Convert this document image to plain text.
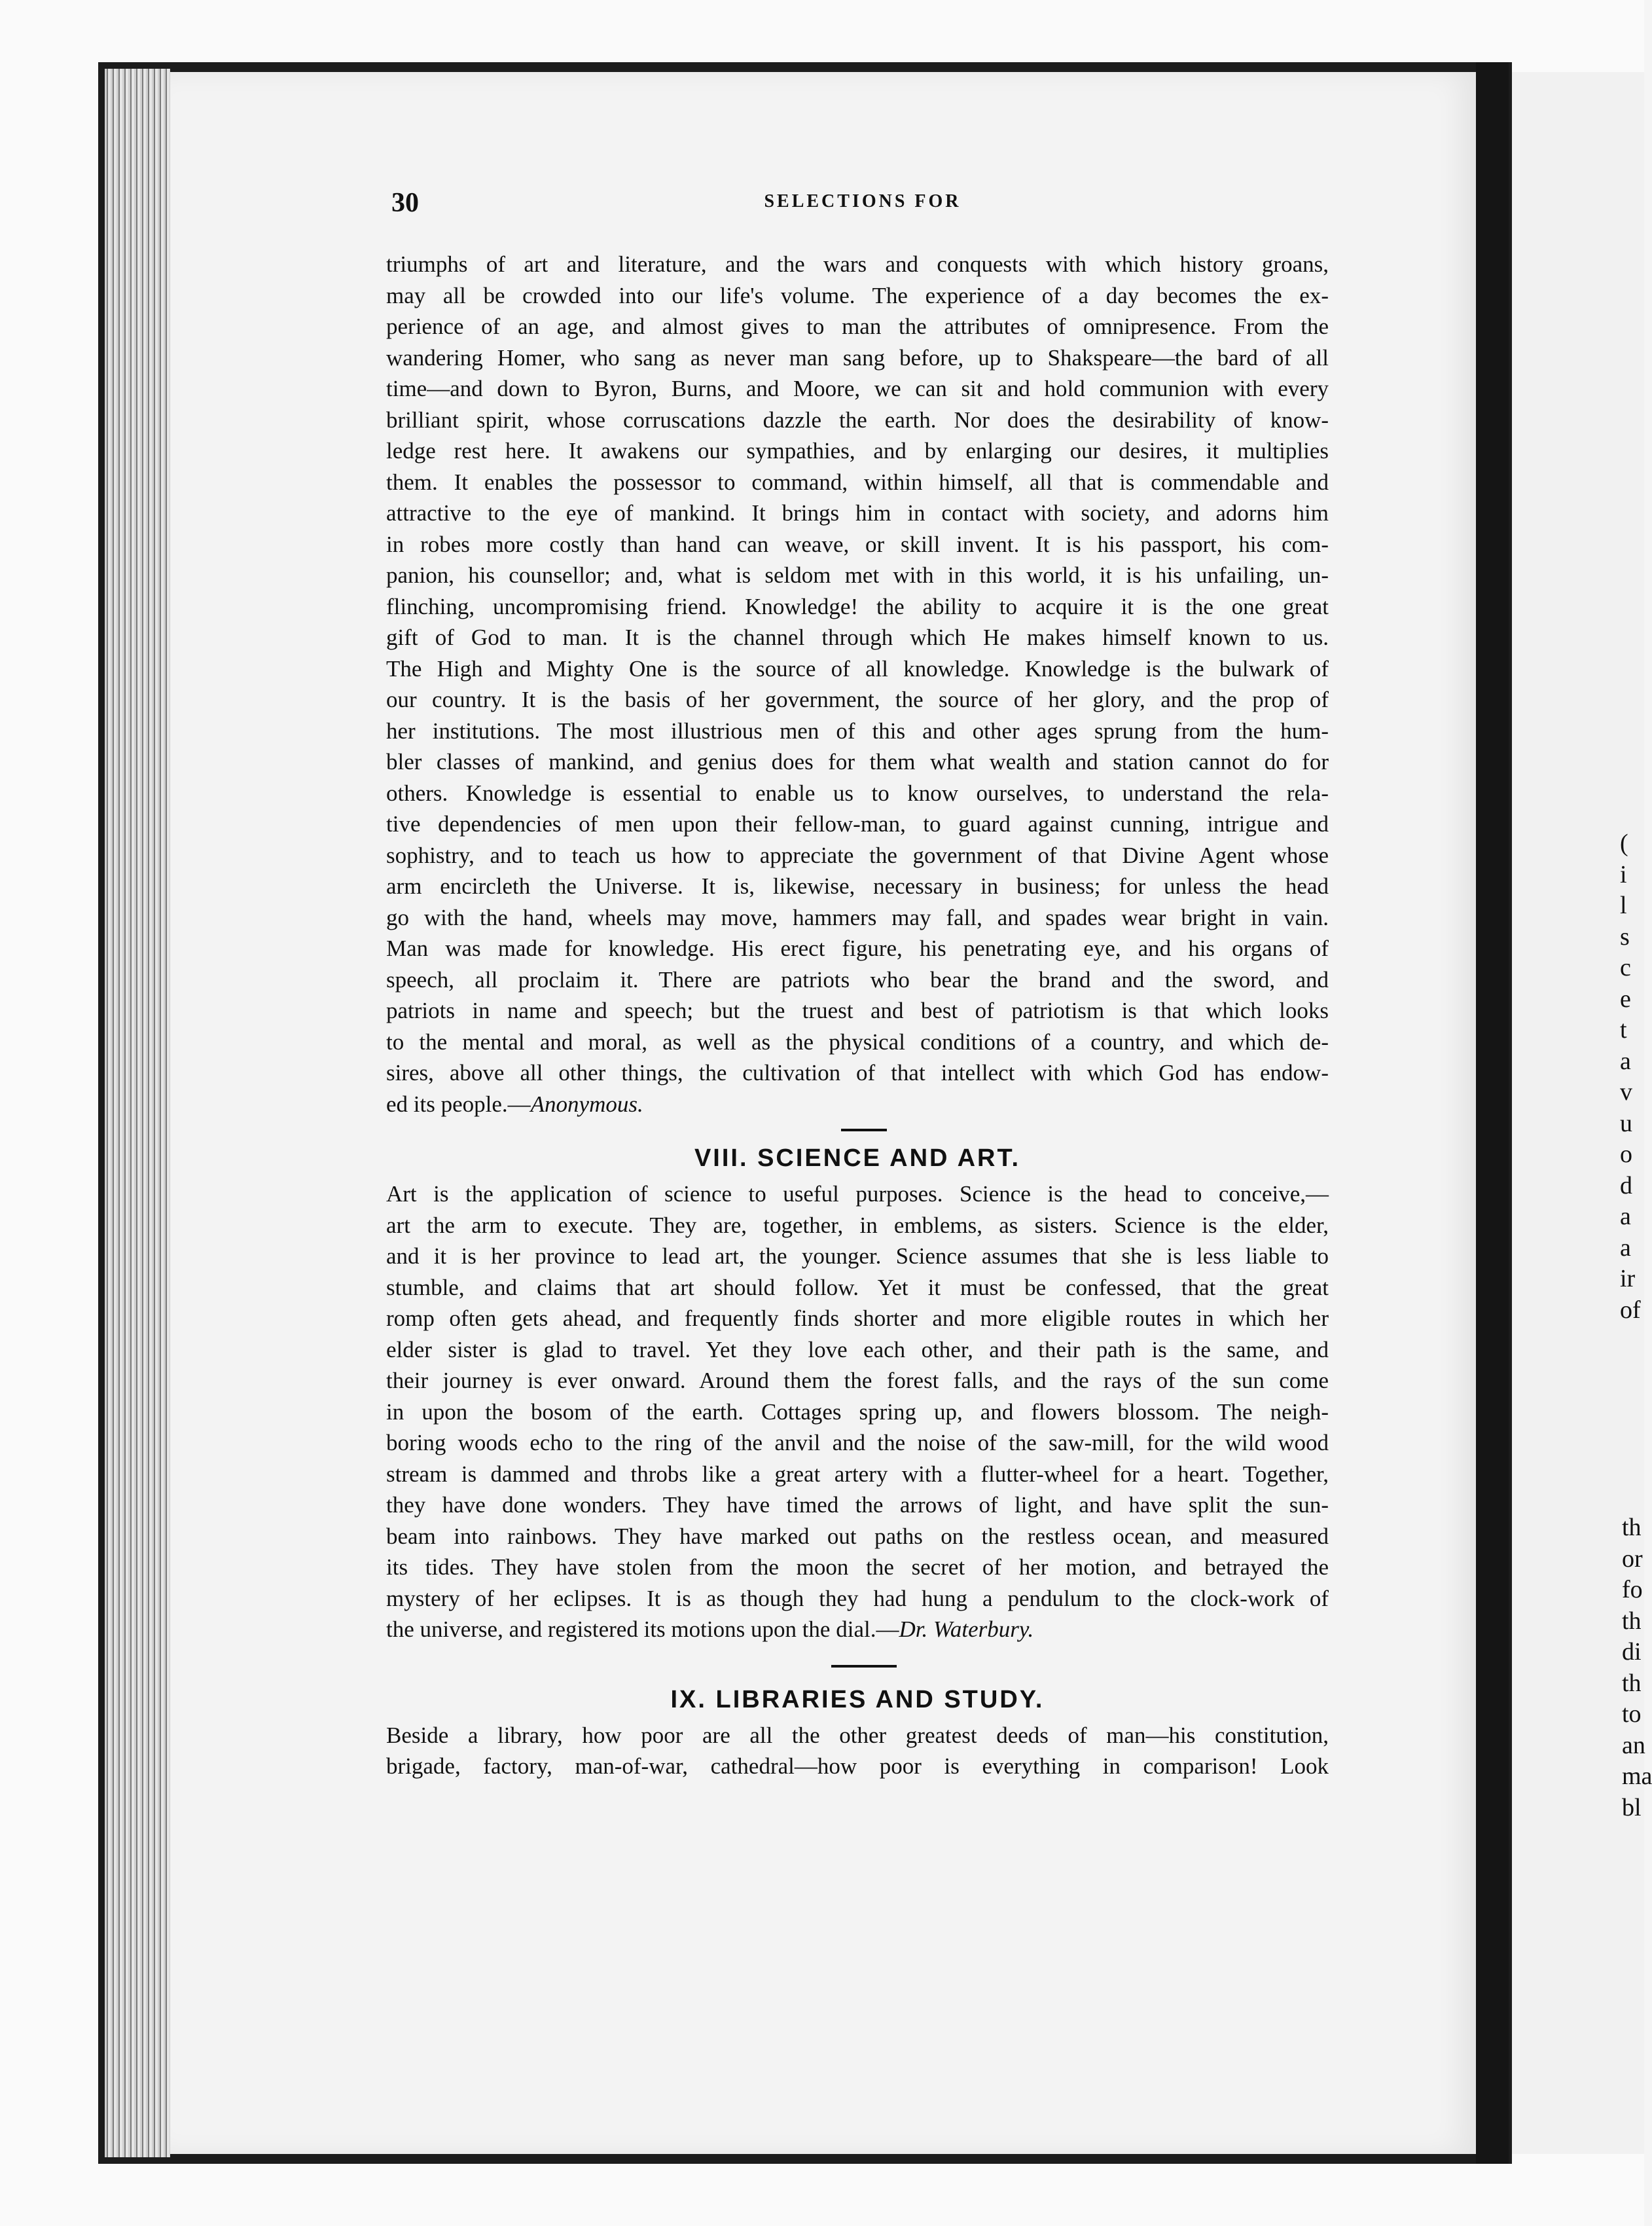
(
i
l
s
c
e
t
a
v
u
o
d
a
a
ir
of
th
or
fo
th
di
th
to
an
ma
bl
30	SELECTIONS FOR
triumphs of art and literature, and the wars and conquests with which history groans,
may all be crowded into our life's volume. The experience of a day becomes the ex-
perience of an age, and almost gives to man the attributes of omnipresence. From the
wandering Homer, who sang as never man sang before, up to Shakspeare—the bard of all
time—and down to Byron, Burns, and Moore, we can sit and hold communion with every
brilliant spirit, whose corruscations dazzle the earth. Nor does the desirability of know-
ledge rest here. It awakens our sympathies, and by enlarging our desires, it multiplies
them. It enables the possessor to command, within himself, all that is commendable and
attractive to the eye of mankind. It brings him in contact with society, and adorns him
in robes more costly than hand can weave, or skill invent. It is his passport, his com-
panion, his counsellor; and, what is seldom met with in this world, it is his unfailing, un-
flinching, uncompromising friend. Knowledge! the ability to acquire it is the one great
gift of God to man. It is the channel through which He makes himself known to us.
The High and Mighty One is the source of all knowledge. Knowledge is the bulwark of
our country. It is the basis of her government, the source of her glory, and the prop of
her institutions. The most illustrious men of this and other ages sprung from the hum-
bler classes of mankind, and genius does for them what wealth and station cannot do for
others. Knowledge is essential to enable us to know ourselves, to understand the rela-
tive dependencies of men upon their fellow-man, to guard against cunning, intrigue and
sophistry, and to teach us how to appreciate the government of that Divine Agent whose
arm encircleth the Universe. It is, likewise, necessary in business; for unless the head
go with the hand, wheels may move, hammers may fall, and spades wear bright in vain.
Man was made for knowledge. His erect figure, his penetrating eye, and his organs of
speech, all proclaim it. There are patriots who bear the brand and the sword, and
patriots in name and speech; but the truest and best of patriotism is that which looks
to the mental and moral, as well as the physical conditions of a country, and which de-
sires, above all other things, the cultivation of that intellect with which God has endow-
ed its people.—Anonymous.
VIII. SCIENCE AND ART.
Art is the application of science to useful purposes. Science is the head to conceive,—
art the arm to execute. They are, together, in emblems, as sisters. Science is the elder,
and it is her province to lead art, the younger. Science assumes that she is less liable to
stumble, and claims that art should follow. Yet it must be confessed, that the great
romp often gets ahead, and frequently finds shorter and more eligible routes in which her
elder sister is glad to travel. Yet they love each other, and their path is the same, and
their journey is ever onward. Around them the forest falls, and the rays of the sun come
in upon the bosom of the earth. Cottages spring up, and flowers blossom. The neigh-
boring woods echo to the ring of the anvil and the noise of the saw-mill, for the wild wood
stream is dammed and throbs like a great artery with a flutter-wheel for a heart. Together,
they have done wonders. They have timed the arrows of light, and have split the sun-
beam into rainbows. They have marked out paths on the restless ocean, and measured
its tides. They have stolen from the moon the secret of her motion, and betrayed the
mystery of her eclipses. It is as though they had hung a pendulum to the clock-work of
the universe, and registered its motions upon the dial.—Dr. Waterbury.
IX. LIBRARIES AND STUDY.
Beside a library, how poor are all the other greatest deeds of man—his constitution,
brigade, factory, man-of-war, cathedral—how poor is everything in comparison! Look
